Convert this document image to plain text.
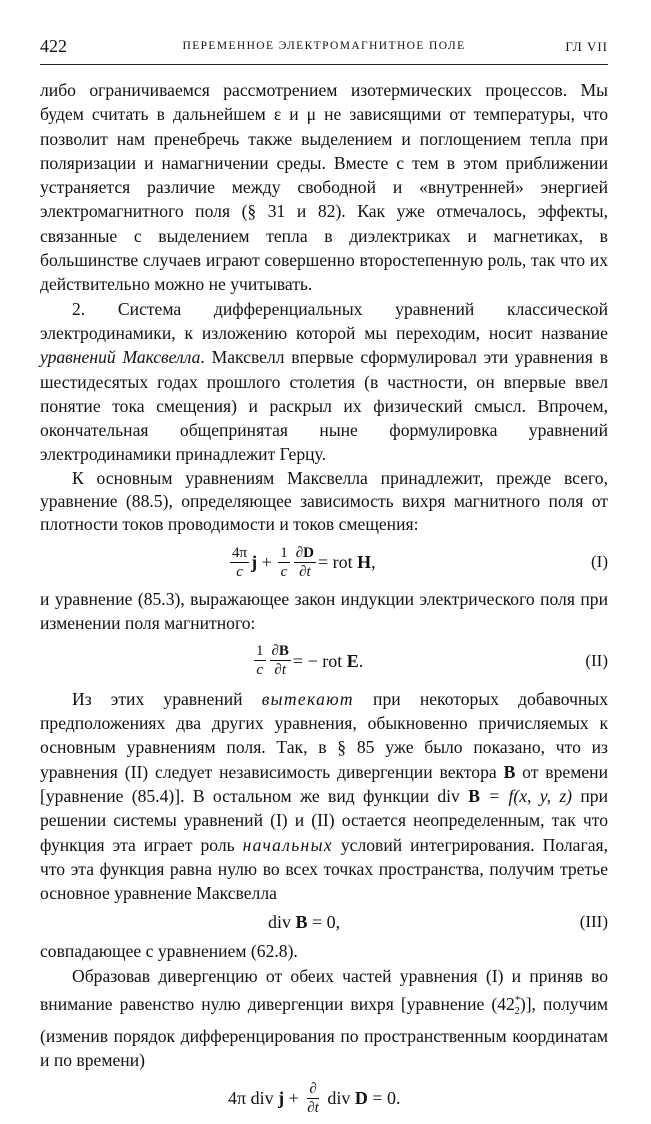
422	ПЕРЕМЕННОЕ ЭЛЕКТРОМАГНИТНОЕ ПОЛЕ	ГЛ VII

либо ограничиваемся рассмотрением изотермических процессов. Мы будем считать в дальнейшем ε и μ не зависящими от температуры, что позволит нам пренебречь также выделением и поглощением тепла при поляризации и намагничении среды. Вместе с тем в этом приближении устраняется различие между свободной и «внутренней» энергией электромагнитного поля (§ 31 и 82). Как уже отмечалось, эффекты, связанные с выделением тепла в диэлектриках и магнетиках, в большинстве случаев играют совершенно второстепенную роль, так что их действительно можно не учитывать.

2. Система дифференциальных уравнений классической электродинамики, к изложению которой мы переходим, носит название уравнений Максвелла. Максвелл впервые сформулировал эти уравнения в шестидесятых годах прошлого столетия (в частности, он впервые ввел понятие тока смещения) и раскрыл их физический смысл. Впрочем, окончательная общепринятая ныне формулировка уравнений электродинамики принадлежит Герцу.

К основным уравнениям Максвелла принадлежит, прежде всего, уравнение (88.5), определяющее зависимость вихря магнитного поля от плотности токов проводимости и токов смещения:

$\frac{4\pi}{c}$ $j + \frac{1}{c} \frac{\partial D}{\partial t}$ = rot H ,	(I)

и уравнение (85.3), выражающее закон индукции электрического поля при изменении поля магнитного:

$\frac{1}{c} \frac{\partial B}{\partial t}$ = − rot E .	(II)

Из этих уравнений вытекают при некоторых добавочных предположениях два других уравнения, обыкновенно причисляемых к основным уравнениям поля. Так, в § 85 уже было показано, что из уравнения (II) следует независимость дивергенции вектора B от времени [уравнение (85.4)]. В остальном же вид функции div B = f(x, y, z) при решении системы уравнений (I) и (II) остается неопределенным, так что функция эта играет роль начальных условий интегрирования. Полагая, что эта функция равна нулю во всех точках пространства, получим третье основное уравнение Максвелла

div B = 0,	(III)

совпадающее с уравнением (62.8).

Образовав дивергенцию от обеих частей уравнения (I) и приняв во внимание равенство нулю дивергенции вихря [уравнение $(42^*_2)$], получим (изменив порядок дифференцирования по пространственным координатам и по времени)

4π div $j + \frac{\partial}{\partial t}$ div D = 0.
